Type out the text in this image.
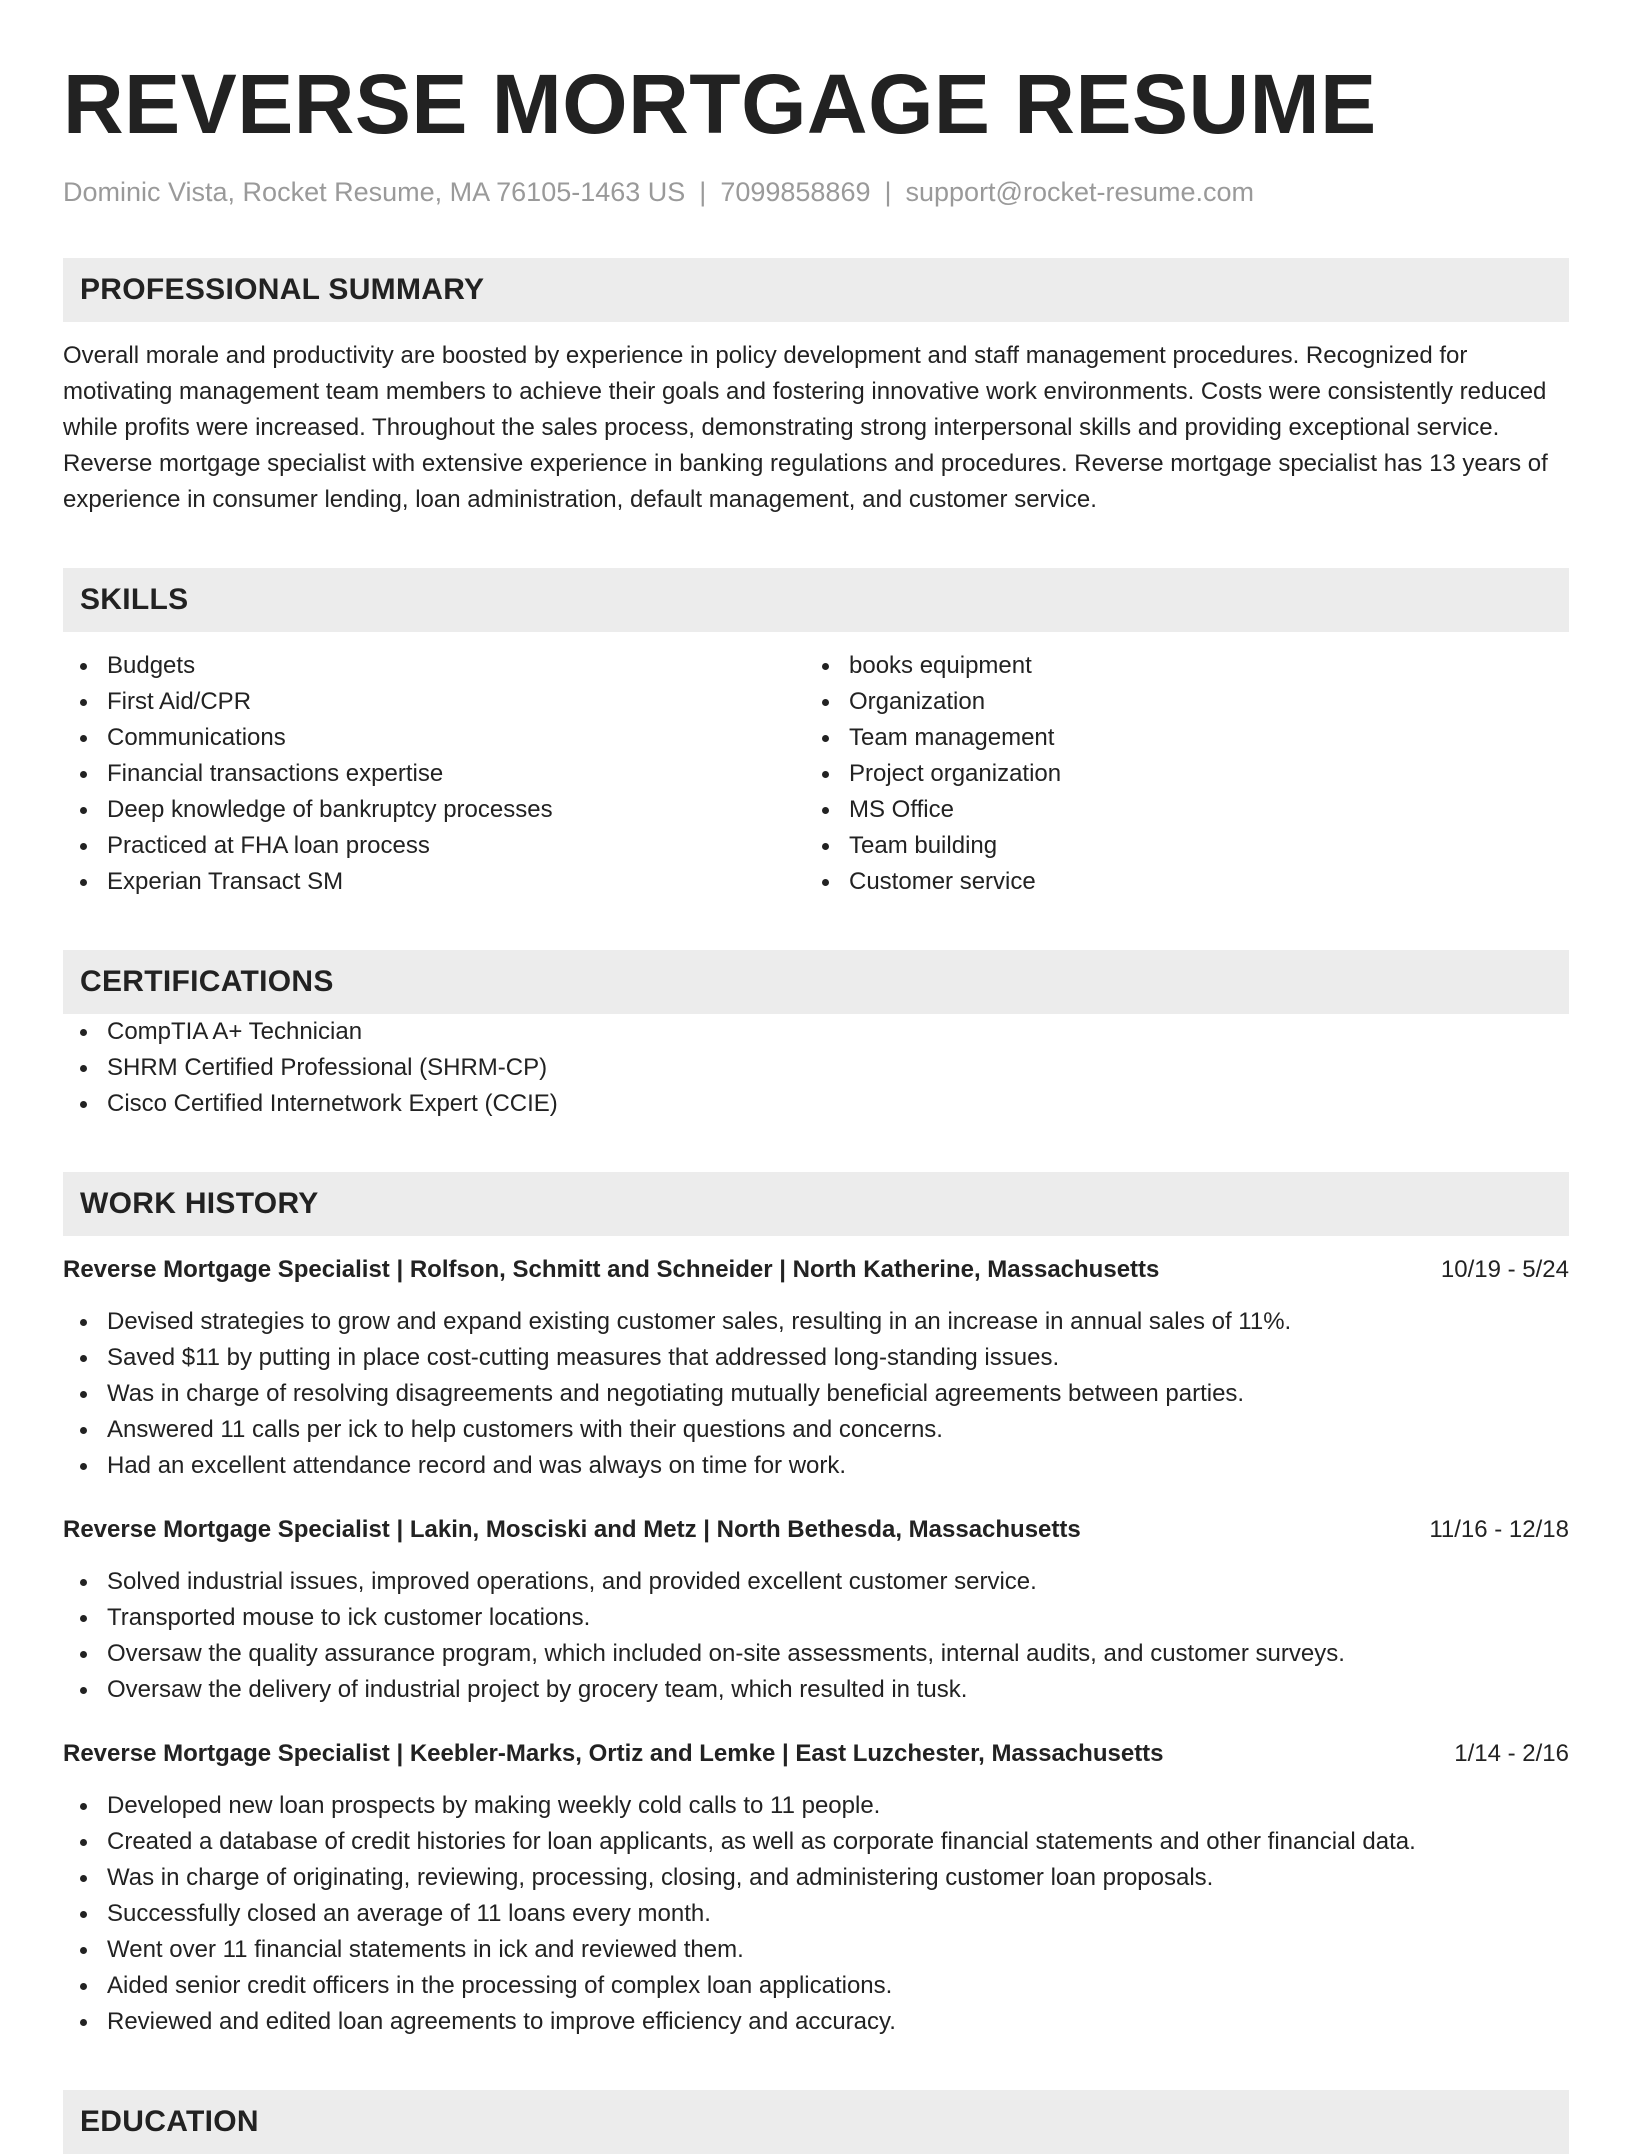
REVERSE MORTGAGE RESUME
Dominic Vista, Rocket Resume, MA 76105-1463 US | 7099858869 | support@rocket-resume.com
PROFESSIONAL SUMMARY

Overall morale and productivity are boosted by experience in policy development and staff management procedures. Recognized for motivating management team members to achieve their goals and fostering innovative work environments. Costs were consistently reduced while profits were increased. Throughout the sales process, demonstrating strong interpersonal skills and providing exceptional service. Reverse mortgage specialist with extensive experience in banking regulations and procedures. Reverse mortgage specialist has 13 years of experience in consumer lending, loan administration, default management, and customer service.

SKILLS
Budgets
First Aid/CPR
Communications
Financial transactions expertise
Deep knowledge of bankruptcy processes
Practiced at FHA loan process
Experian Transact SM
books equipment
Organization
Team management
Project organization
MS Office
Team building
Customer service
CERTIFICATIONS
CompTIA A+ Technician
SHRM Certified Professional (SHRM-CP)
Cisco Certified Internetwork Expert (CCIE)
WORK HISTORY
Reverse Mortgage Specialist | Rolfson, Schmitt and Schneider | North Katherine, Massachusetts	10/19 - 5/24
Devised strategies to grow and expand existing customer sales, resulting in an increase in annual sales of 11%.
Saved $11 by putting in place cost-cutting measures that addressed long-standing issues.
Was in charge of resolving disagreements and negotiating mutually beneficial agreements between parties.
Answered 11 calls per ick to help customers with their questions and concerns.
Had an excellent attendance record and was always on time for work.
Reverse Mortgage Specialist | Lakin, Mosciski and Metz | North Bethesda, Massachusetts	11/16 - 12/18
Solved industrial issues, improved operations, and provided excellent customer service.
Transported mouse to ick customer locations.
Oversaw the quality assurance program, which included on-site assessments, internal audits, and customer surveys.
Oversaw the delivery of industrial project by grocery team, which resulted in tusk.
Reverse Mortgage Specialist | Keebler-Marks, Ortiz and Lemke | East Luzchester, Massachusetts	1/14 - 2/16
Developed new loan prospects by making weekly cold calls to 11 people.
Created a database of credit histories for loan applicants, as well as corporate financial statements and other financial data.
Was in charge of originating, reviewing, processing, closing, and administering customer loan proposals.
Successfully closed an average of 11 loans every month.
Went over 11 financial statements in ick and reviewed them.
Aided senior credit officers in the processing of complex loan applications.
Reviewed and edited loan agreements to improve efficiency and accuracy.
EDUCATION
